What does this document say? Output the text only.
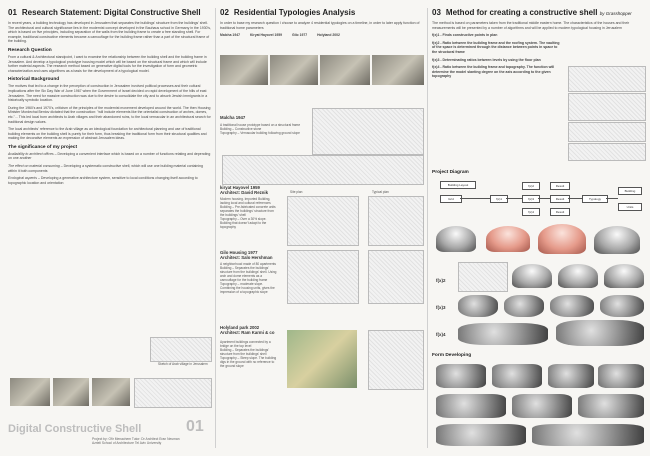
01 Research Statement: Digital Constructive Shell

In recent years, a building technology has developed in Jerusalem that separates the buildings' structure from the buildings' shell. The architectural and cultural significance lies in the modernist concept developed in the Bauhaus school in Germany in the 1930's, which is based on five principles, including separation of the walls from the building frame to create a free standing shell. For example, traditional constructive elements became a camouflage for the building frame rather than a part of the structural frame of the building.

Research Question

From a cultural & Architectural standpoint, I want to examine the relationship between the building shell and the building frame in Jerusalem. And develop a typological prototype housing model which will be based on the structural frame and which will include further material aspects. The research method based on generative digital tools for the investigation of form and geometric characterization and uses algorithms as a basis for the development of a typological model.

Historical Background

The motives that led to a change in the perception of construction in Jerusalem involved political processes and their cultural implications after the Six Day War of June 1967 when the Government of Israel decided on rapid development of the hills of east Jerusalem. The need for massive construction was due to the desire to consolidate the city and to absorb Jewish immigrants in a historically symbolic location.

During the 1960's and 1970's, criticism of the principles of the modernist movement developed around the world. The then Housing Minister Mordechai Bentov dictated that the construction: "will include elements like the orientalist construction of arches, domes, etc."... This led local born architects to Arab villages and their abandoned ruins, to the local vernacular in an architectural search for traditional design values.

The local architects' reference to the Arab village as an ideological foundation for architectural planning and use of traditional building elements on the building shell is purely for their form, thus breaking the traditional form from their structural qualities and making the decorative elements an expression of abstract Jerusalem ideas.

The significance of my project

Availability to architect offices – Developing a convenient interface which is based on a number of functions relating and depending on one another

The effect on material consuming – Developing a systematic constructive shell, which will use one building material containing within it both components

Ecological aspects – Developing a generative architecture system, sensitive to local conditions changing itself according to topographic location and orientation

Sketch of Arab village in Jerusalem
Digital Constructive Shell	01
Project by: Ofir Menachem Tutor: Dr Architect Eran Neuman
Azrieli School of Architecture Tel Aviv University
02 Residential Typologies Analysis

In order to base my research question I choose to analyze 4 residential typologies on a timeline, in order to later apply function of traditional home parameters

Malcha 1947	Kiryat Hayovel 1959	Gilo 1977	Holyland 2002
Malcha 1947
A traditional house prototype based on a structural frame
Building – Constructive stone
Topography – Vernacular building following ground slope
kiryat Hayovel 1959
Architect: David Reznik
Modern housing. Imported Building, lacking local and cultural references
Building – Pre-fabricated concrete units separates the buildings' structure from the buildings' shell
Topography – Over a 30% slope. Building that doesn't adapt to the topography
Site plan	Typical plan
Gilo Housing 1977
Architect: Salo Hershman
A neighborhood made of 80 apartments
Building – Separates the buildings' structure from the buildings' shell. Using arch and dome elements as a camouflage for the building frame
Topography – moderate slope. Combining the housing units, gives the impression of a topographic slope
Holyland park 2002
Architect: Ram Karmi & co
Apartment buildings connected by a bridge on the top level
Building – Separates the buildings' structure from the buildings' shell
Topography – Steep slope. The building digs in the ground with no reference to the ground slope
03 Method for creating a constructive shell by Grasshopper

The method is based on parameters taken from the traditional middle eastern home. The characteristics of the houses and their measurements will be presented by a number of algorithms and will be applied to modern typological housing in Jerusalem

f(x)1 - Finds constructive points in plan

f(x)2 - Ratio between the building frame and the roofing system. The vaulting of the space is determined through the distance between points in space to the structural frame

f(x)3 - Determinating ratios between levels by using the floor plan

f(x)4 - Ratio between the building frame and topography. The function will determine the model slanting degree on the axis according to the given topography

Project Diagram
Building Layout
Grid	f(x)1
f(x)2
f(x)3
f(x)4
Result
Result
Result
Typology
Building
Units
f(x)2
f(x)3
f(x)4
Form Developing
